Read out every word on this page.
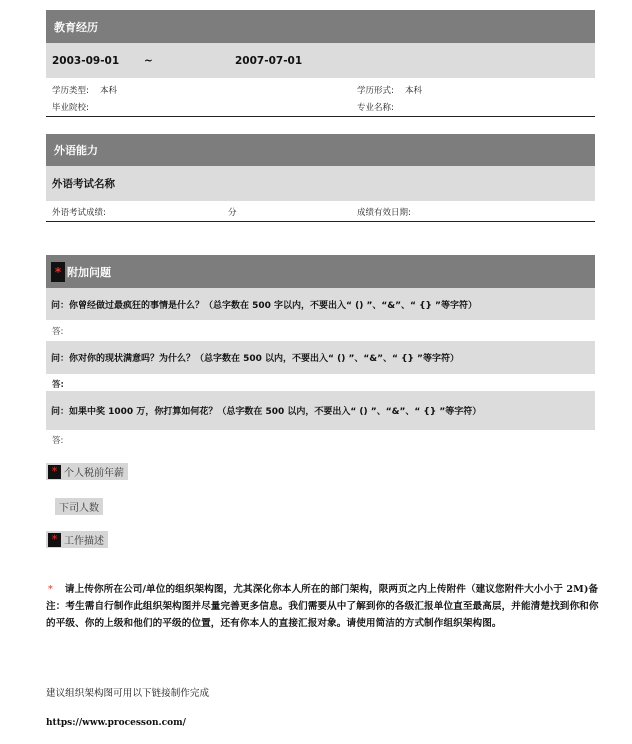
教育经历
2003-09-01 ~	2007-07-01
学历类型: 本科	学历形式: 本科
毕业院校:	专业名称:
外语能力
外语考试名称
外语考试成绩:	分	成绩有效日期:
* 附加问题
问：你曾经做过最疯狂的事情是什么？（总字数在 500 字以内，不要出入“ () ”、“&”、“ {} ”等字符）
答:
问：你对你的现状满意吗？为什么？（总字数在 500 以内，不要出入“ () ”、“&”、“ {} ”等字符）
答:
问：如果中奖 1000 万，你打算如何花？（总字数在 500 以内，不要出入“ () ”、“&”、“ {} ”等字符）
答:
* 个人税前年薪
下司人数
* 工作描述
* 请上传你所在公司/单位的组织架构图，尤其深化你本人所在的部门架构，限两页之内上传附件（建议您附件大小小于 2M)备注：考生需自行制作此组织架构图并尽量完善更多信息。我们需要从中了解到你的各级汇报单位直至最高层，并能清楚找到你和你的平级、你的上级和他们的平级的位置，还有你本人的直接汇报对象。请使用简洁的方式制作组织架构图。
建议组织架构图可用以下链接制作完成
https://www.processon.com/
